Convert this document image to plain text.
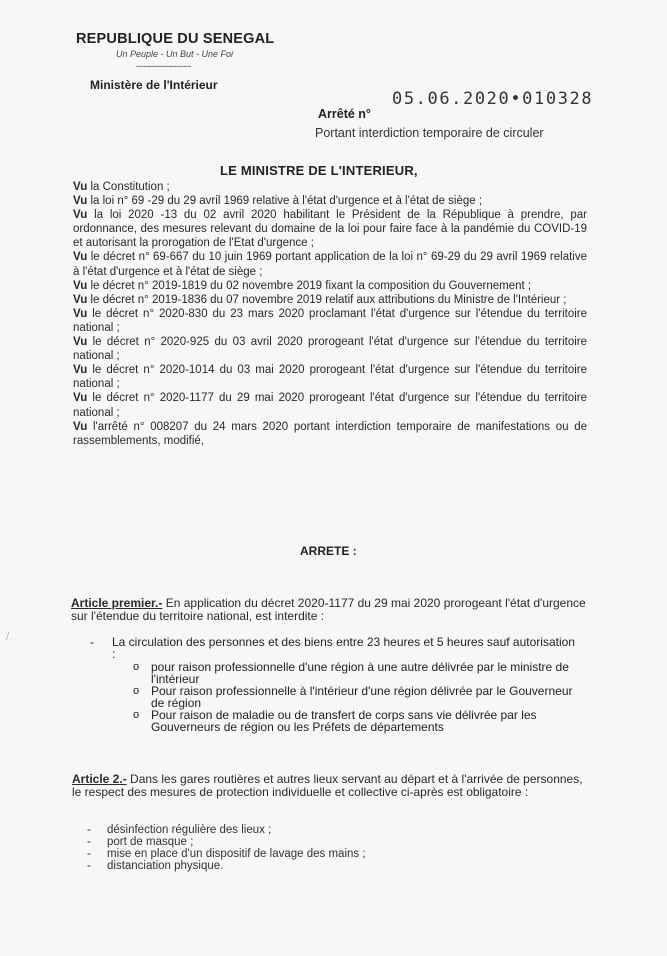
REPUBLIQUE DU SENEGAL
Un Peuple - Un But - Une Foi
----------------------
Ministère de l'Intérieur
05.06.2020•010328
Arrêté n°
Portant interdiction temporaire de circuler
LE MINISTRE DE L'INTERIEUR,

Vu la Constitution ;

Vu la loi n° 69 -29 du 29 avril 1969 relative à l'état d'urgence et à l'état de siège ;

Vu la loi 2020 -13 du 02 avril 2020 habilitant le Président de la République à prendre, par ordonnance, des mesures relevant du domaine de la loi pour faire face à la pandémie du COVID-19 et autorisant la prorogation de l'Etat d'urgence ;

Vu le décret n° 69-667 du 10 juin 1969 portant application de la loi n° 69-29 du 29 avril 1969 relative à l'état d'urgence et à l'état de siège ;

Vu le décret n° 2019-1819 du 02 novembre 2019 fixant la composition du Gouvernement ;

Vu le décret n° 2019-1836 du 07 novembre 2019 relatif aux attributions du Ministre de l'Intérieur ;

Vu le décret n° 2020-830 du 23 mars 2020 proclamant l'état d'urgence sur l'étendue du territoire national ;

Vu le décret n° 2020-925 du 03 avril 2020 prorogeant l'état d'urgence sur l'étendue du territoire national ;

Vu le décret n° 2020-1014 du 03 mai 2020 prorogeant l'état d'urgence sur l'étendue du territoire national ;

Vu le décret n° 2020-1177 du 29 mai 2020 prorogeant l'état d'urgence sur l'étendue du territoire national ;

Vu l'arrêté n° 008207 du 24 mars 2020 portant interdiction temporaire de manifestations ou de rassemblements, modifié,

ARRETE :
Article premier.- En application du décret 2020-1177 du 29 mai 2020 prorogeant l'état d'urgence sur l'étendue du territoire national, est interdite :
- La circulation des personnes et des biens entre 23 heures et 5 heures sauf autorisation :
o pour raison professionnelle d'une région à une autre délivrée par le ministre de l'intérieur
o Pour raison professionnelle à l'intérieur d'une région délivrée par le Gouverneur de région
o Pour raison de maladie ou de transfert de corps sans vie délivrée par les Gouverneurs de région ou les Préfets de départements
Article 2.- Dans les gares routières et autres lieux servant au départ et à l'arrivée de personnes, le respect des mesures de protection individuelle et collective ci-après est obligatoire :
- désinfection régulière des lieux ;
- port de masque ;
- mise en place d'un dispositif de lavage des mains ;
- distanciation physique.
/
